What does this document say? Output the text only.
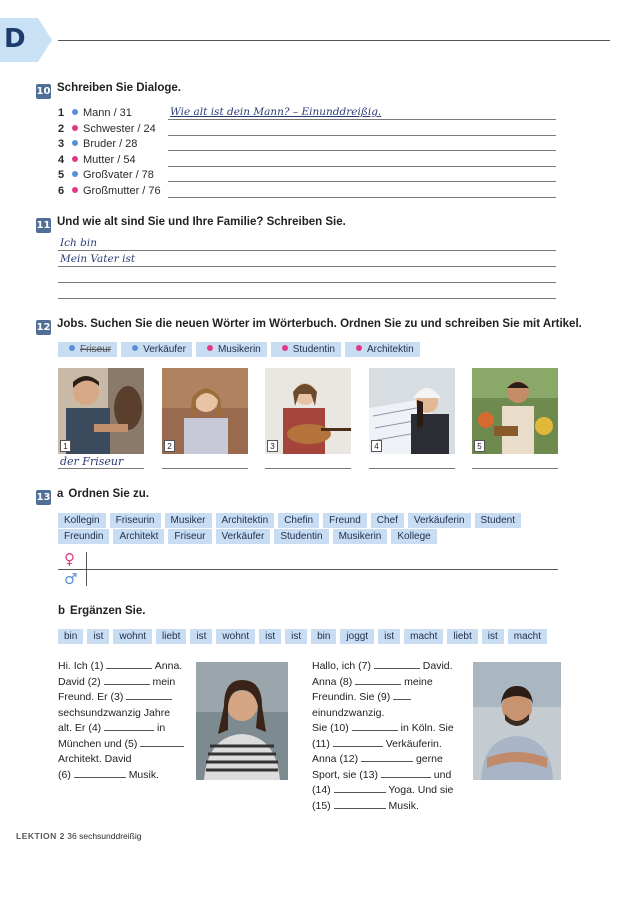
D
10 Schreiben Sie Dialoge.
1 Mann / 31
2 Schwester / 24
3 Bruder / 28
4 Mutter / 54
5 Großvater / 78
6 Großmutter / 76
Wie alt ist dein Mann? – Einunddreißig.
11 Und wie alt sind Sie und Ihre Familie? Schreiben Sie.
Ich bin
Mein Vater ist
12 Jobs. Suchen Sie die neuen Wörter im Wörterbuch. Ordnen Sie zu und schreiben Sie mit Artikel.
Friseur	Verkäufer	Musikerin	Studentin	Architektin
1	2	3	4	5
der Friseur
13 a Ordnen Sie zu.
Kollegin Friseurin Musiker Architektin Chefin Freund Chef Verkäuferin Student
Freundin Architekt Friseur Verkäufer Studentin Musikerin Kollege
♀
♂
b Ergänzen Sie.
bin ist wohnt liebt ist wohnt ist ist bin joggt ist macht liebt ist macht
Hi. Ich (1)	Anna.
David (2)	mein
Freund. Er (3)
sechsundzwanzig Jahre
alt. Er (4)	in
München und (5)
Architekt. David
(6)	Musik.
Hallo, ich (7)	David.
Anna (8)	meine
Freundin. Sie (9)
einundzwanzig.
Sie (10)	in Köln. Sie
(11)	Verkäuferin.
Anna (12)	gerne
Sport, sie (13)	und
(14)	Yoga. Und sie
(15)	Musik.
LEKTION 2 36 sechsunddreißig
